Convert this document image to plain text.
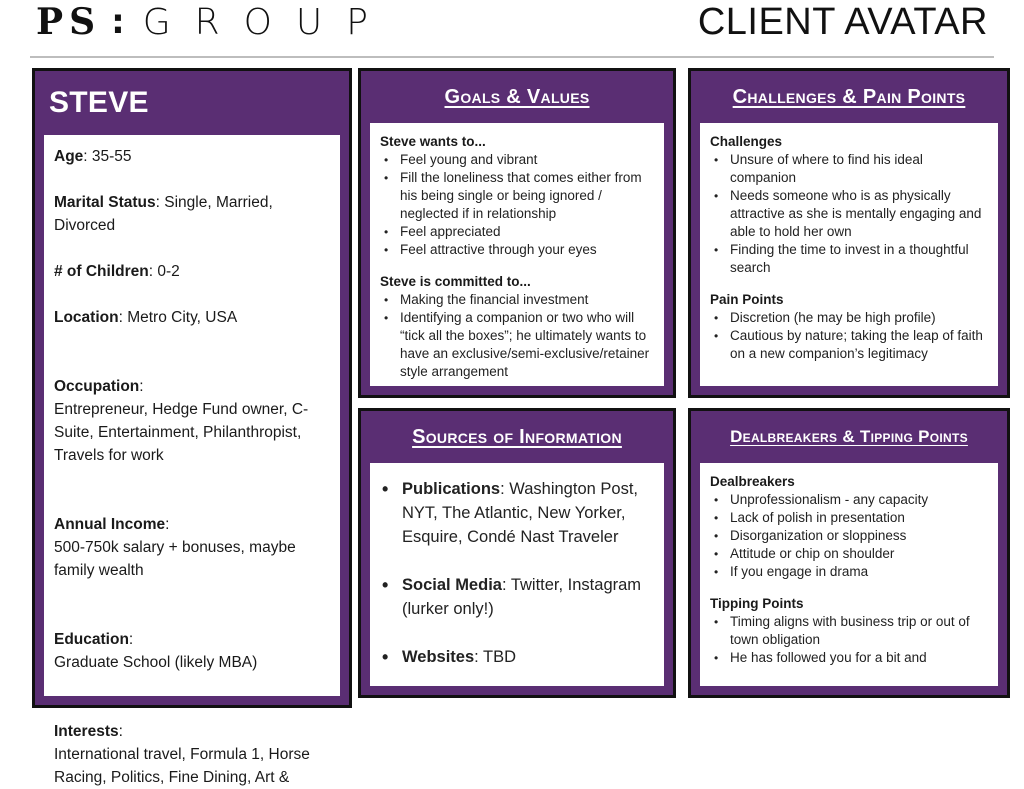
PS : GROUP	CLIENT AVATAR
STEVE
Age: 35-55
Marital Status: Single, Married, Divorced
# of Children: 0-2
Location: Metro City, USA

Occupation:
Entrepreneur, Hedge Fund owner, C-Suite, Entertainment, Philanthropist, Travels for work

Annual Income:
500-750k salary + bonuses, maybe family wealth

Education:
Graduate School (likely MBA)

Interests:
International travel, Formula 1, Horse Racing, Politics, Fine Dining, Art &

Goals & Values
Steve wants to...
• Feel young and vibrant
• Fill the loneliness that comes either from his being single or being ignored / neglected if in relationship
• Feel appreciated
• Feel attractive through your eyes
Steve is committed to...
• Making the financial investment
• Identifying a companion or two who will “tick all the boxes”; he ultimately wants to have an exclusive/semi-exclusive/retainer style arrangement
Challenges & Pain Points
Challenges
• Unsure of where to find his ideal companion
• Needs someone who is as physically attractive as she is mentally engaging and able to hold her own
• Finding the time to invest in a thoughtful search
Pain Points
• Discretion (he may be high profile)
• Cautious by nature; taking the leap of faith on a new companion’s legitimacy
Sources of Information
• Publications: Washington Post, NYT, The Atlantic, New Yorker, Esquire, Condé Nast Traveler
• Social Media: Twitter, Instagram (lurker only!)
• Websites: TBD
Dealbreakers & Tipping Points
Dealbreakers
• Unprofessionalism - any capacity
• Lack of polish in presentation
• Disorganization or sloppiness
• Attitude or chip on shoulder
• If you engage in drama
Tipping Points
• Timing aligns with business trip or out of town obligation
• He has followed you for a bit and
